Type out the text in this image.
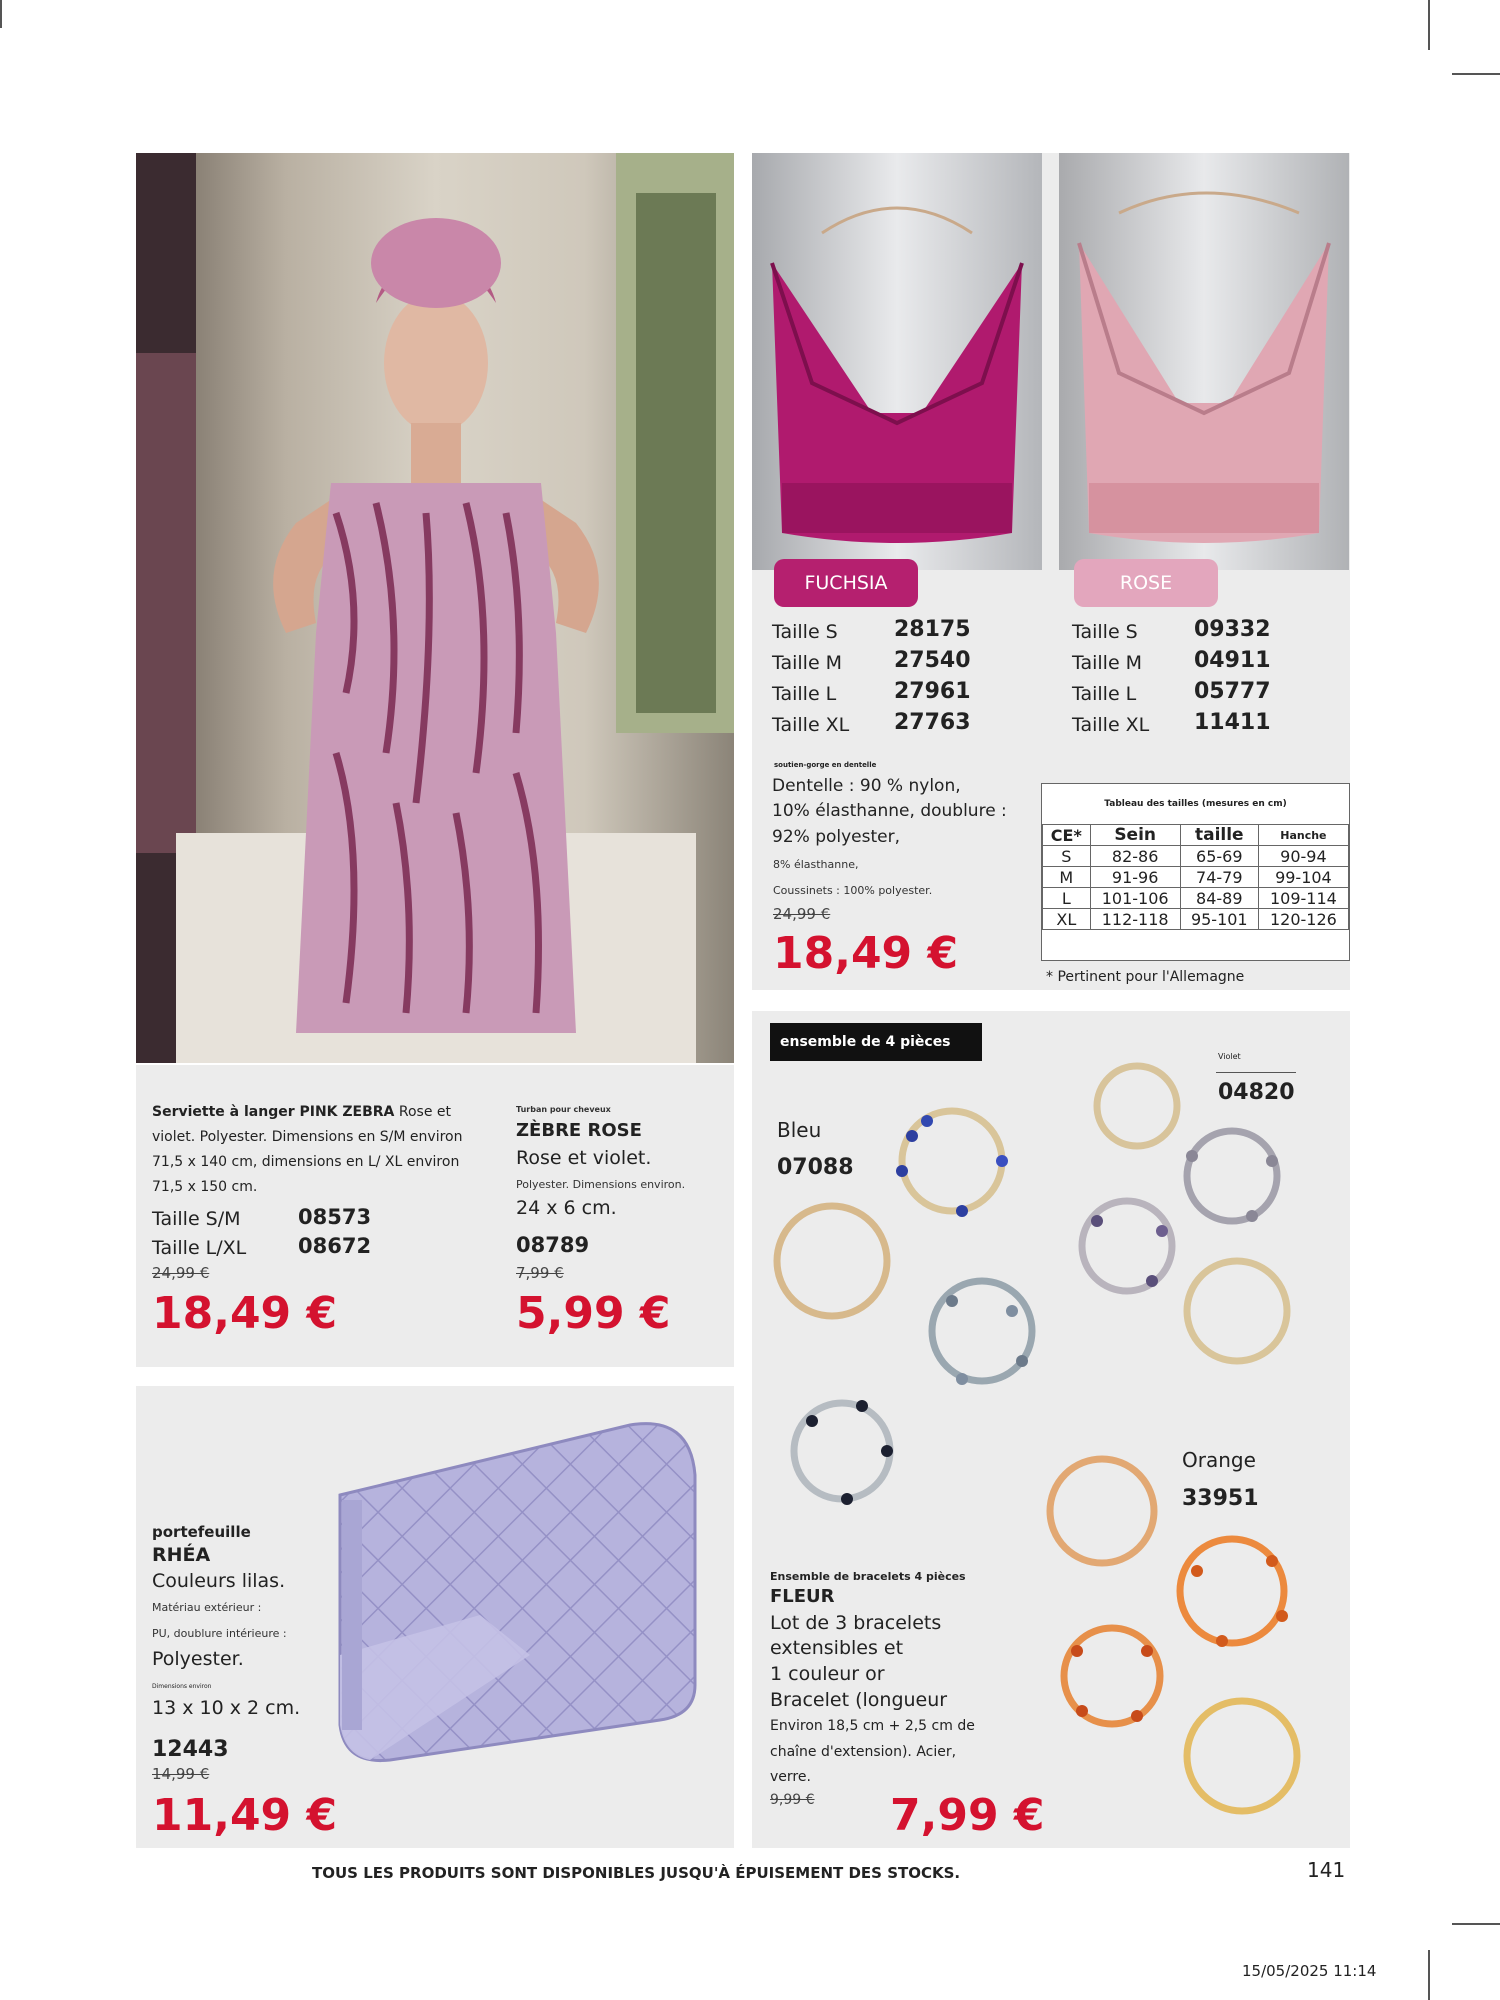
Serviette à langer PINK ZEBRA Rose et violet. Polyester. Dimensions en S/M environ 71,5 x 140 cm, dimensions en L/ XL environ 71,5 x 150 cm.
Taille S/M	08573
Taille L/XL 08672
24,99 €
18,49 €
Turban pour cheveux
ZÈBRE ROSE
Rose et violet.
Polyester. Dimensions environ.
24 x 6 cm.
08789
7,99 €
5,99 €
FUCHSIA	ROSE
Taille S	28175
Taille M 27540
Taille L	27961
Taille XL 27763
Taille S	09332
Taille M 04911
Taille L	05777
Taille XL 11411
soutien-gorge en dentelle
Dentelle : 90 % nylon,
10% élasthanne, doublure :
92% polyester,
8% élasthanne,
Coussinets : 100% polyester.
24,99 €
18,49 €
Tableau des tailles (mesures en cm)
CE*	Sein	taille	Hanche
S	82-86	65-69	90-94
M	91-96	74-79	99-104
L	101-106	84-89	109-114
XL	112-118	95-101	120-126
* Pertinent pour l'Allemagne
ensemble de 4 pièces
Bleu
07088
Violet
04820
Orange
33951
Ensemble de bracelets 4 pièces
FLEUR
Lot de 3 bracelets
extensibles et
1 couleur or
Bracelet (longueur
Environ 18,5 cm + 2,5 cm de
chaîne d'extension). Acier,
verre.
9,99 € 7,99 €
portefeuille
RHÉA
Couleurs lilas.
Matériau extérieur :
PU, doublure intérieure :
Polyester.
Dimensions environ
13 x 10 x 2 cm.
12443
14,99 €
11,49 €
TOUS LES PRODUITS SONT DISPONIBLES JUSQU'À ÉPUISEMENT DES STOCKS.	141
15/05/2025 11:14
